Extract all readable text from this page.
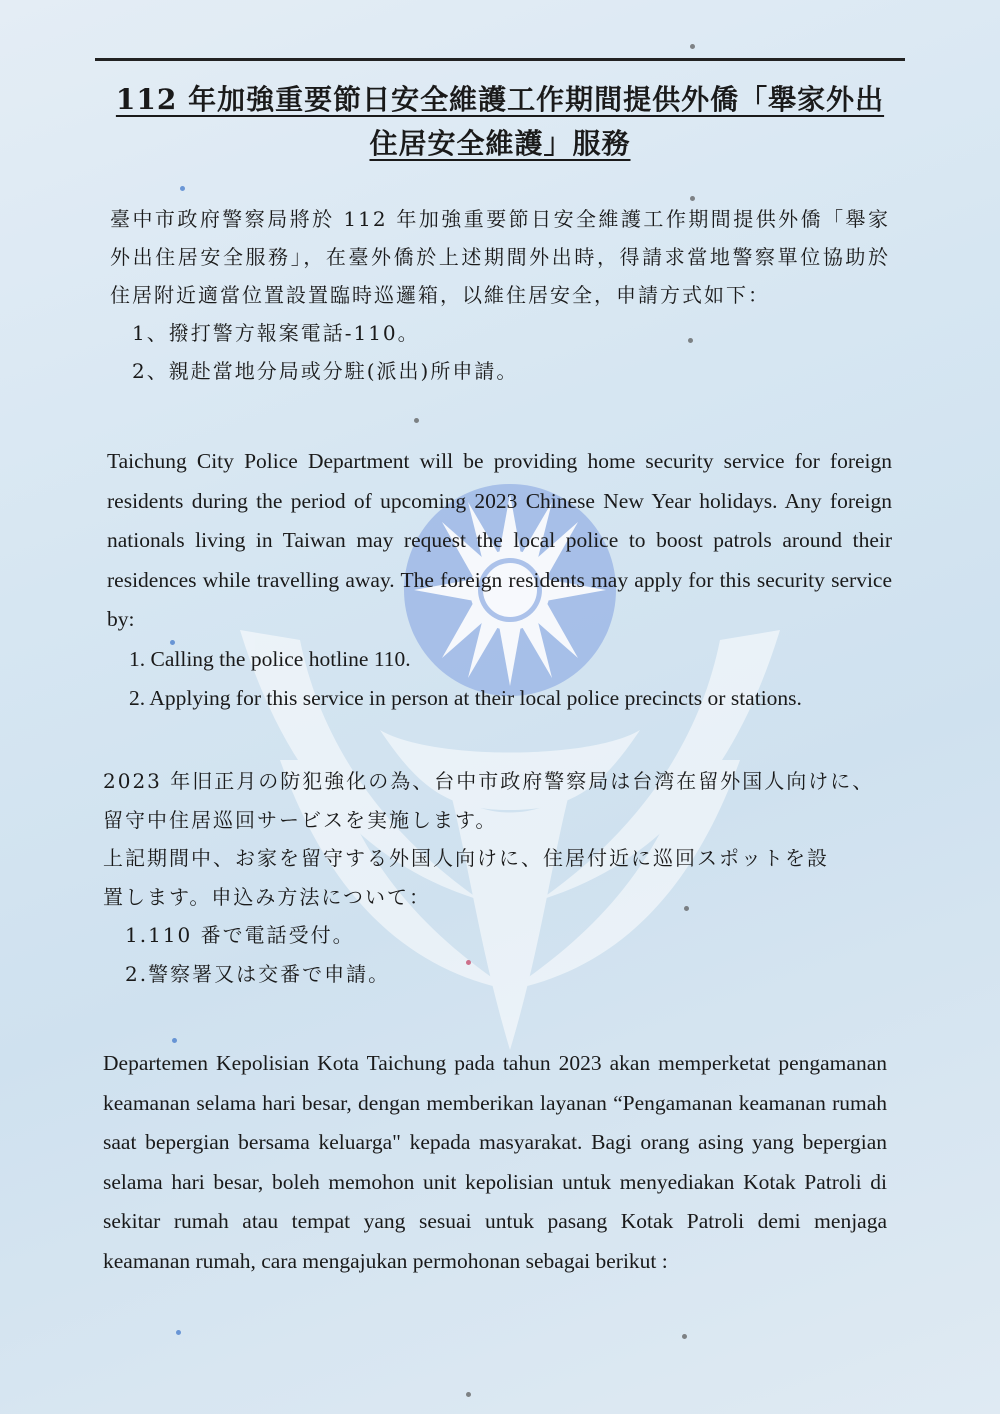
112 年加強重要節日安全維護工作期間提供外僑「舉家外出
住居安全維護」服務

臺中市政府警察局將於 112 年加強重要節日安全維護工作期間提供外僑「舉家外出住居安全服務」，在臺外僑於上述期間外出時，得請求當地警察單位協助於住居附近適當位置設置臨時巡邏箱，以維住居安全，申請方式如下：

1、撥打警方報案電話-110。

2、親赴當地分局或分駐(派出)所申請。

Taichung City Police Department will be providing home security service for foreign residents during the period of upcoming 2023 Chinese New Year holidays. Any foreign nationals living in Taiwan may request the local police to boost patrols around their residences while travelling away. The foreign residents may apply for this security service by:

1. Calling the police hotline 110.

2. Applying for this service in person at their local police precincts or stations.

2023 年旧正月の防犯強化の為、台中市政府警察局は台湾在留外国人向けに、

留守中住居巡回サービスを実施します。

上記期間中、お家を留守する外国人向けに、住居付近に巡回スポットを設

置します。申込み方法について：

1.110 番で電話受付。

2.警察署又は交番で申請。

Departemen Kepolisian Kota Taichung pada tahun 2023 akan memperketat pengamanan keamanan selama hari besar, dengan memberikan layanan “Pengamanan keamanan rumah saat bepergian bersama keluarga" kepada masyarakat. Bagi orang asing yang bepergian selama hari besar, boleh memohon unit kepolisian untuk menyediakan Kotak Patroli di sekitar rumah atau tempat yang sesuai untuk pasang Kotak Patroli demi menjaga keamanan rumah, cara mengajukan permohonan sebagai berikut :
